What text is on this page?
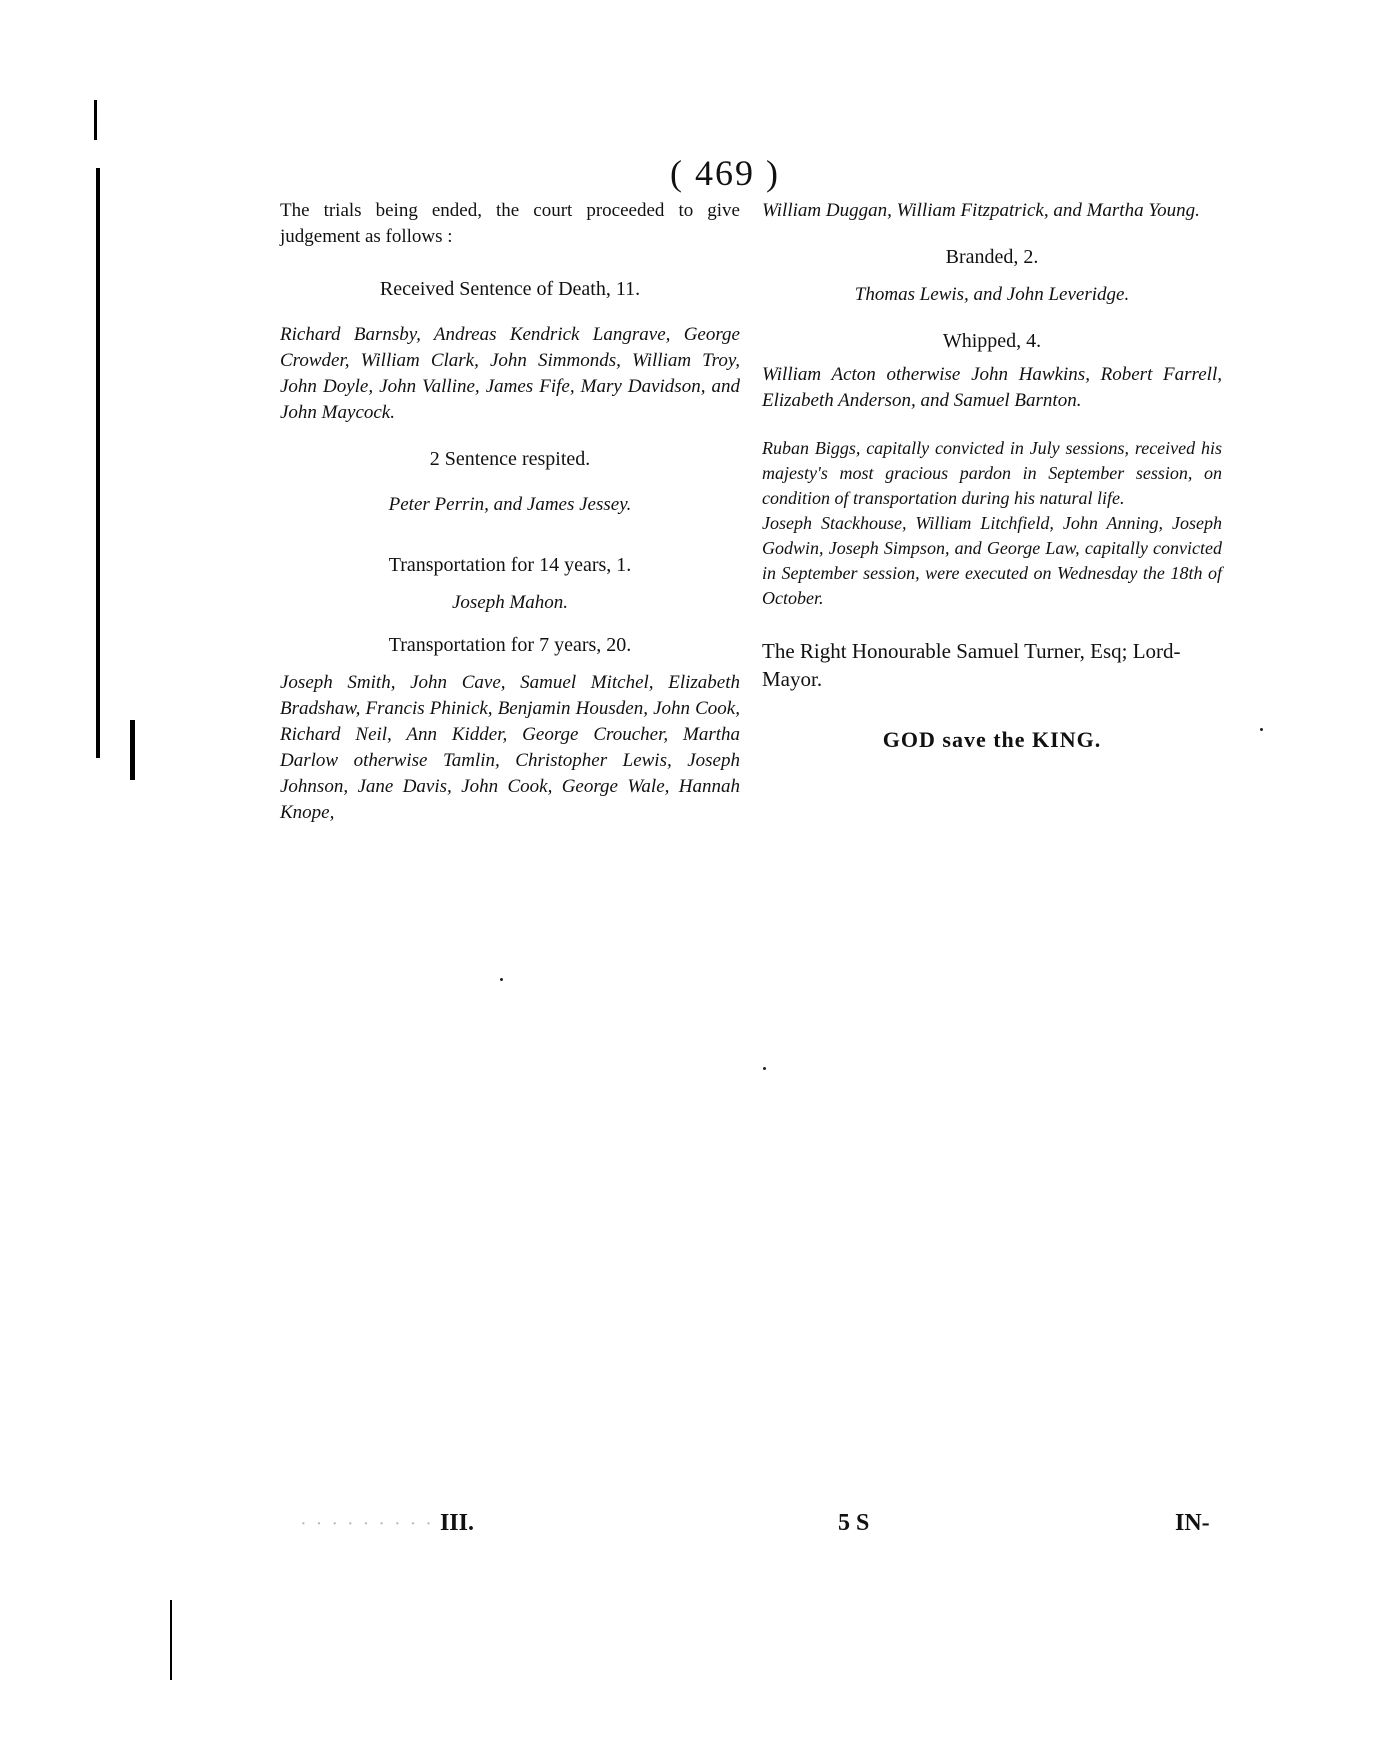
( 469 )

The trials being ended, the court proceeded to give judgement as follows :

Received Sentence of Death, 11.

Richard Barnsby, Andreas Kendrick Langrave, George Crowder, William Clark, John Simmonds, William Troy, John Doyle, John Valline, James Fife, Mary Davidson, and John Maycock.

2 Sentence respited.

Peter Perrin, and James Jessey.

Transportation for 14 years, 1.

Joseph Mahon.

Transportation for 7 years, 20.

Joseph Smith, John Cave, Samuel Mitchel, Elizabeth Bradshaw, Francis Phinick, Benjamin Housden, John Cook, Richard Neil, Ann Kidder, George Croucher, Martha Darlow otherwise Tamlin, Christopher Lewis, Joseph Johnson, Jane Davis, John Cook, George Wale, Hannah Knope,

William Duggan, William Fitzpatrick, and Martha Young.

Branded, 2.

Thomas Lewis, and John Leveridge.

Whipped, 4.

William Acton otherwise John Hawkins, Robert Farrell, Elizabeth Anderson, and Samuel Barnton.

Ruban Biggs, capitally convicted in July sessions, received his majesty's most gracious pardon in September session, on condition of transportation during his natural life.

Joseph Stackhouse, William Litchfield, John Anning, Joseph Godwin, Joseph Simpson, and George Law, capitally convicted in September session, were executed on Wednesday the 18th of October.

The Right Honourable Samuel Turner, Esq; Lord-Mayor.

GOD save the KING.

· · · · · · · · · III.	5 S	IN-
